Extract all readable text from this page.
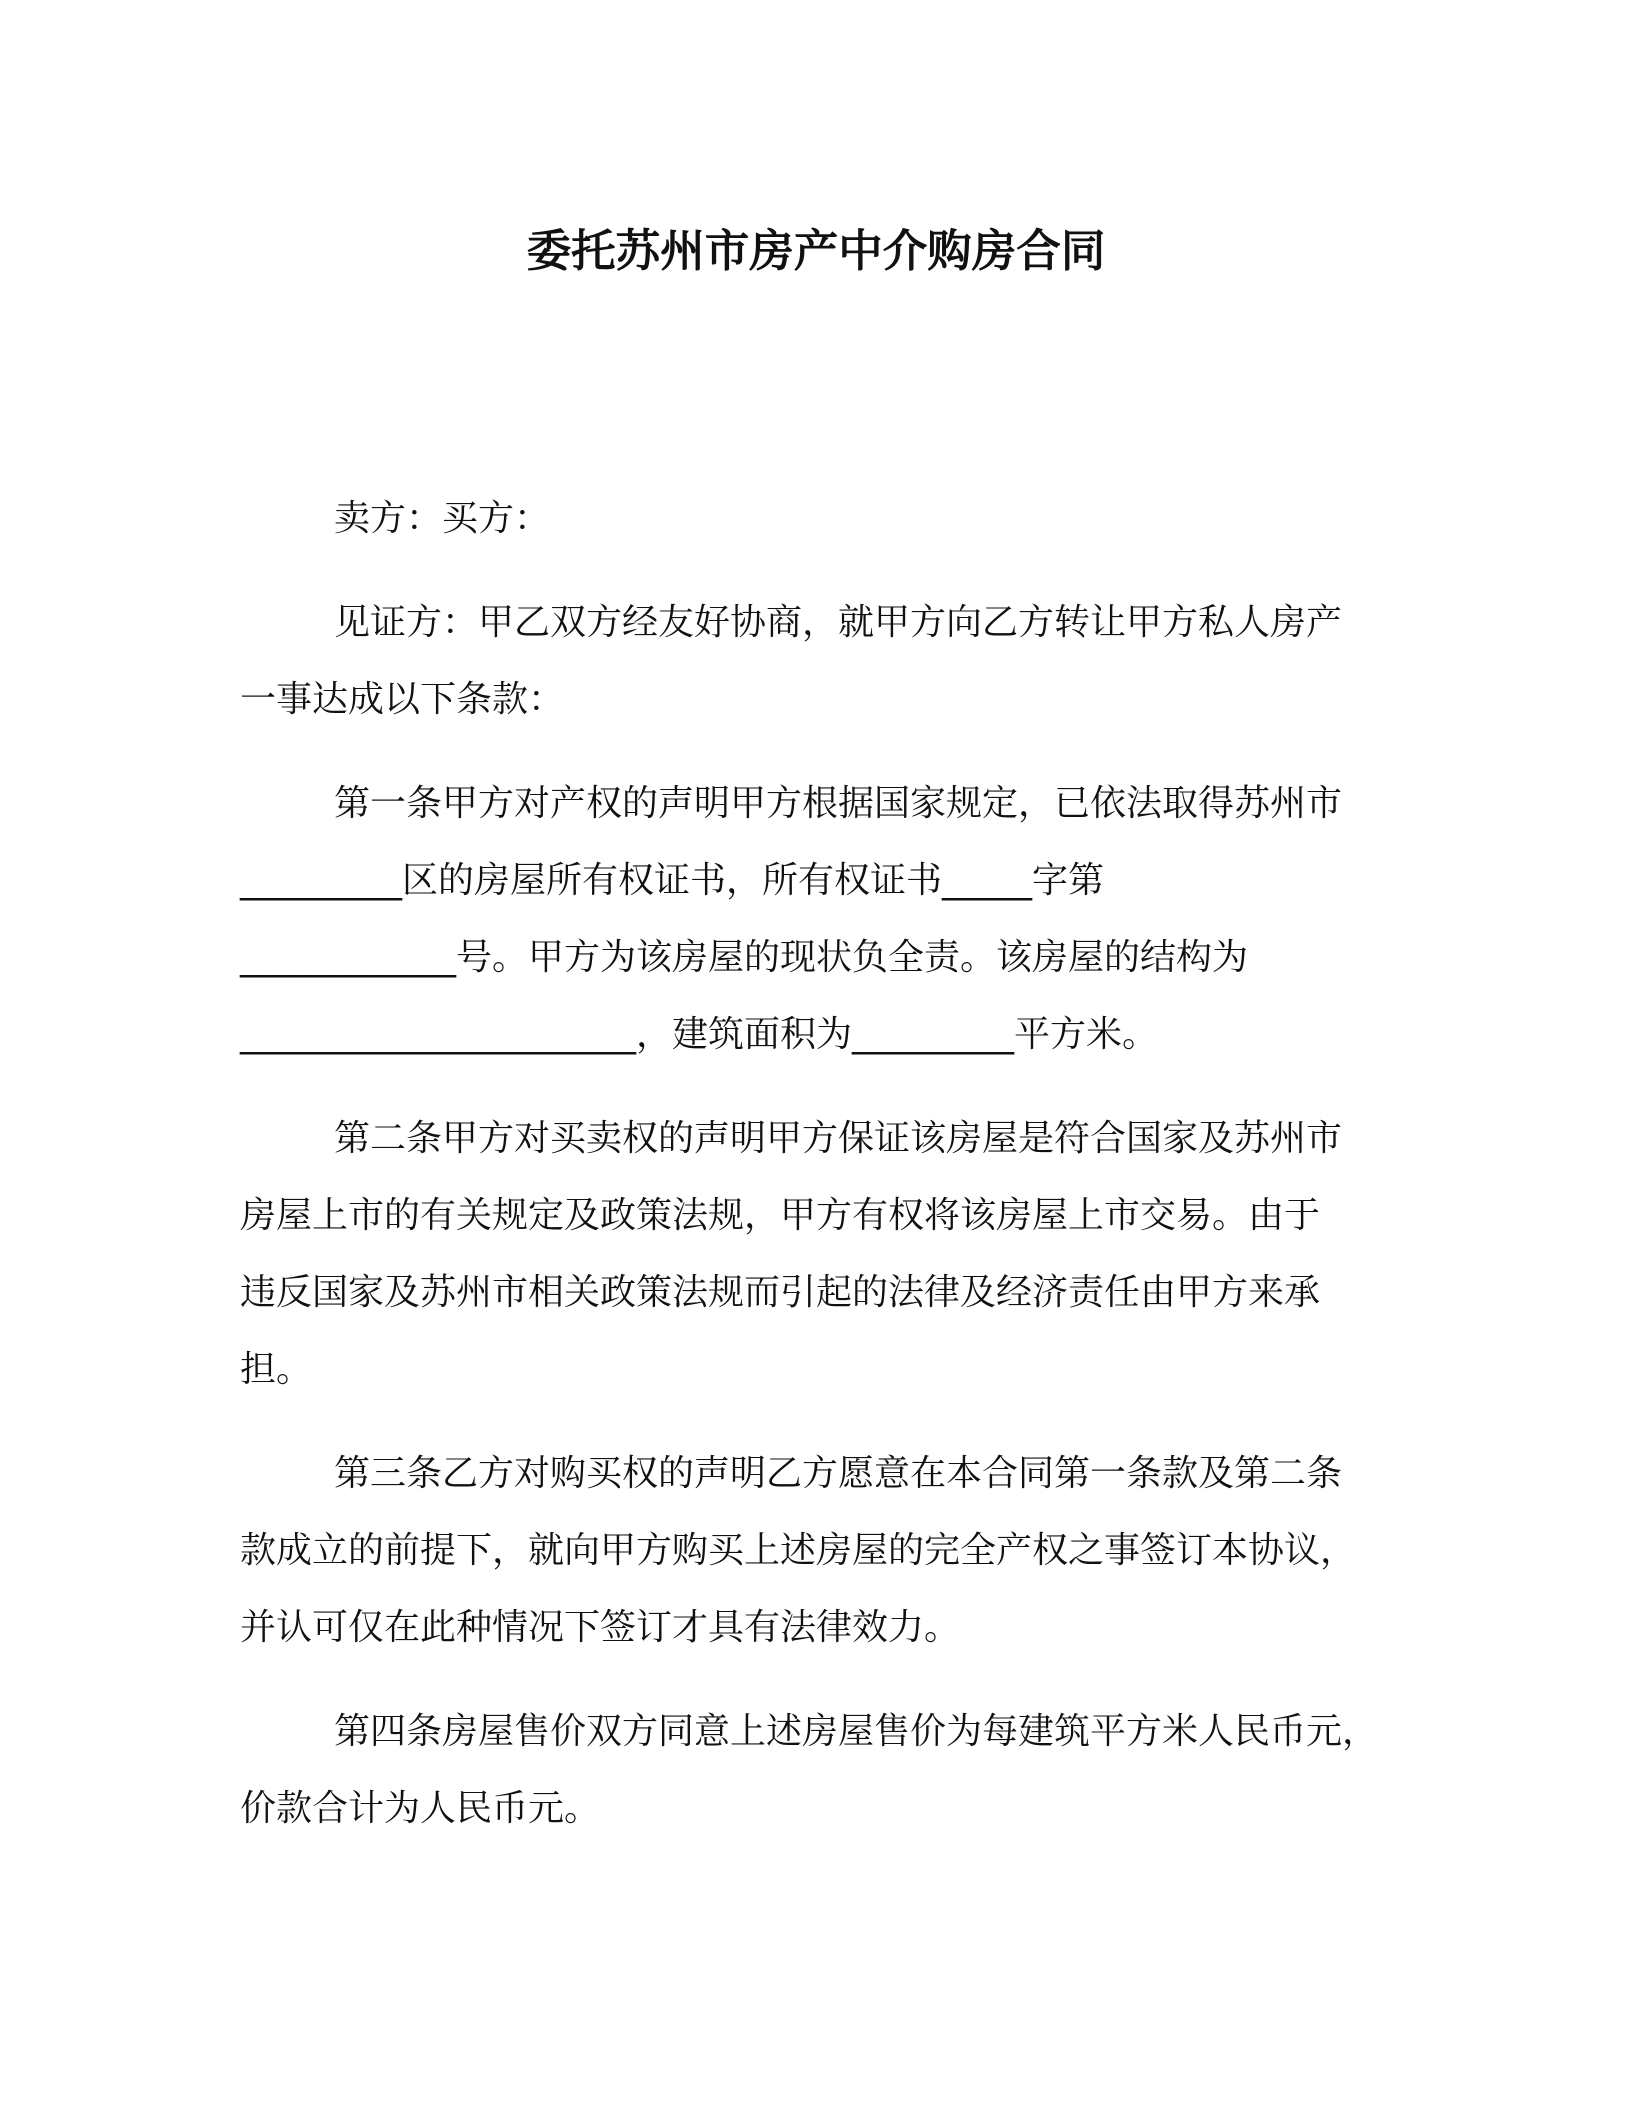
委托苏州市房产中介购房合同
卖方：买方：
见证方：甲乙双方经友好协商，就甲方向乙方转让甲方私人房产
一事达成以下条款：
第一条甲方对产权的声明甲方根据国家规定，已依法取得苏州市
_________区的房屋所有权证书，所有权证书_____字第
____________号。甲方为该房屋的现状负全责。该房屋的结构为
______________________，建筑面积为_________平方米。
第二条甲方对买卖权的声明甲方保证该房屋是符合国家及苏州市
房屋上市的有关规定及政策法规，甲方有权将该房屋上市交易。由于
违反国家及苏州市相关政策法规而引起的法律及经济责任由甲方来承
担。
第三条乙方对购买权的声明乙方愿意在本合同第一条款及第二条
款成立的前提下，就向甲方购买上述房屋的完全产权之事签订本协议，
并认可仅在此种情况下签订才具有法律效力。
第四条房屋售价双方同意上述房屋售价为每建筑平方米人民币元，
价款合计为人民币元。
